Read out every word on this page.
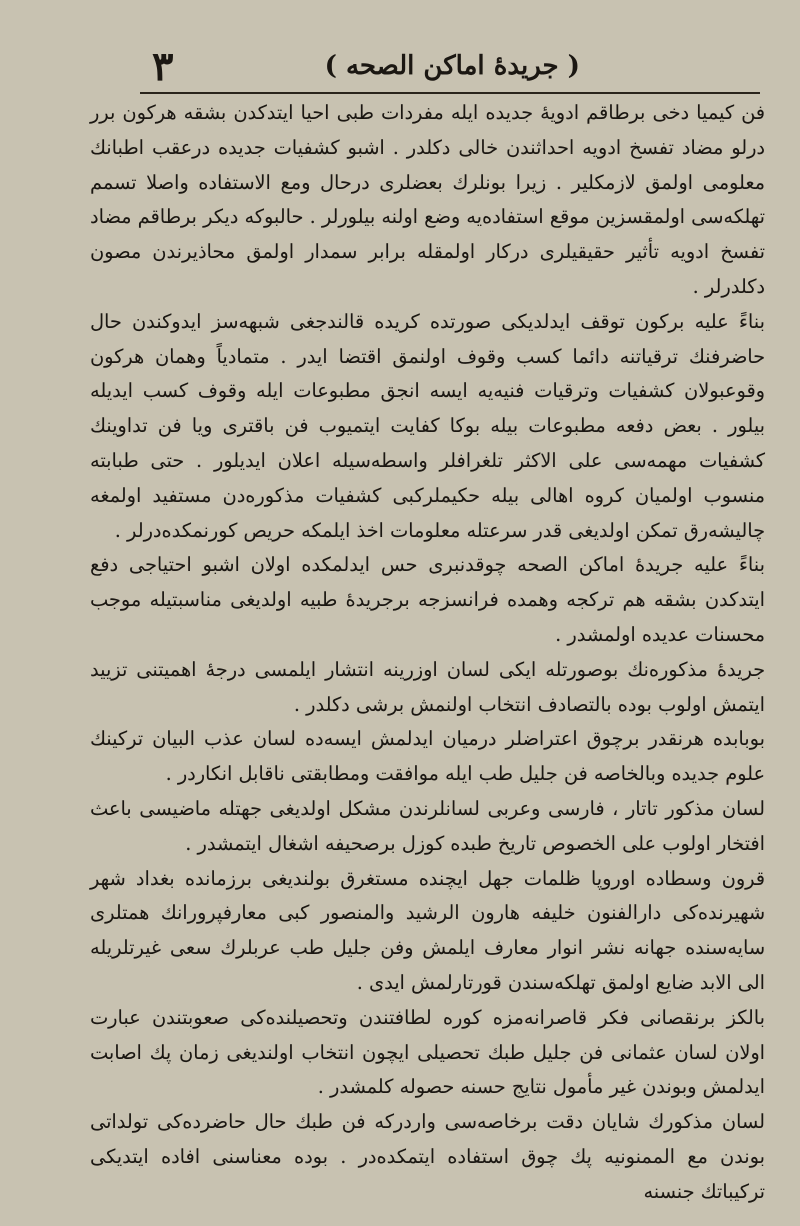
٣	( جریدۀ اماکن الصحه )

فن کیمیا دخی برطاقم ادویۀ جدیده ایله مفردات طبی احیا ایتدکدن بشقه هرکون برر درلو مضاد تفسخ ادویه احداثندن خالی دکلدر . اشبو کشفیات جدیده درعقب اطبانك معلومی اولمق لازمکلیر . زیرا بونلرك بعضلری درحال ومع الاستفاده واصلا تسمم تهلکه‌سی اولمقسزین موقع استفاده‌یه وضع اولنه بیلورلر . حالبوکه دیکر برطاقم مضاد تفسخ ادویه تأثیر حقیقیلری درکار اولمقله برابر سمدار اولمق محاذیرندن مصون دکلدرلر .

بناءً علیه برکون توقف ایدلدیکی صورتده کریده قالندجغی شبهه‌سز ایدوکندن حال حاضرفنك ترقیاتنه دائما کسب وقوف اولنمق اقتضا ایدر . متمادیاً وهمان هرکون وقوعبولان کشفیات وترقیات فنیه‌یه ایسه انجق مطبوعات ایله وقوف کسب ایدیله بیلور . بعض دفعه مطبوعات بیله بوکا کفایت ایتمیوب فن باقتری ویا فن تداوینك کشفیات مهمه‌سی علی الاکثر تلغرافلر واسطه‌سیله اعلان ایدیلور . حتی طبابته منسوب اولمیان کروه اهالی بیله حکیملرکبی کشفیات مذکوره‌دن مستفید اولمغه چالیشه‌رق تمکن اولدیغی قدر سرعتله معلومات اخذ ایلمکه حریص کورنمکده‌درلر .

بناءً علیه جریدۀ اماکن الصحه چوقدنبری حس ایدلمکده اولان اشبو احتیاجی دفع ایتدکدن بشقه هم ترکجه وهمده فرانسزجه برجریدۀ طبیه اولدیغی مناسبتیله موجب محسنات عدیده اولمشدر .

جریدۀ مذکوره‌نك بوصورتله ایکی لسان اوزرینه انتشار ایلمسی درجۀ اهمیتنی تزیید ایتمش اولوب بوده بالتصادف انتخاب اولنمش برشی دکلدر .

بوبابده هرنقدر برچوق اعتراضلر درمیان ایدلمش ایسه‌ده لسان عذب البیان ترکینك علوم جدیده وبالخاصه فن جلیل طب ایله موافقت ومطابقتی ناقابل انکاردر .

لسان مذکور تاتار ، فارسی وعربی لسانلرندن مشکل اولدیغی جهتله ماضیسی باعث افتخار اولوب علی الخصوص تاریخ طبده کوزل برصحیفه اشغال ایتمشدر .

قرون وسطاده اوروپا ظلمات جهل ایچنده مستغرق بولندیغی برزمانده بغداد شهر شهیرنده‌کی دارالفنون خلیفه هارون الرشید والمنصور کبی معارفپرورانك همتلری سایه‌سنده جهانه نشر انوار معارف ایلمش وفن جلیل طب عربلرك سعی غیرتلریله الی الابد ضایع اولمق تهلکه‌سندن قورتارلمش ایدی .

بالکز برنقصانی فکر قاصرانه‌مزه کوره لطافتندن وتحصیلنده‌کی صعوبتندن عبارت اولان لسان عثمانی فن جلیل طبك تحصیلی ایچون انتخاب اولندیغی زمان پك اصابت ایدلمش وبوندن غیر مأمول نتایج حسنه حصوله کلمشدر .

لسان مذکورك شایان دقت برخاصه‌سی واردرکه فن طبك حال حاضرده‌کی تولداتی بوندن مع الممنونیه پك چوق استفاده ایتمکده‌در . بوده معناسنی افاده ایتدیکی ترکیباتك جنسنه
